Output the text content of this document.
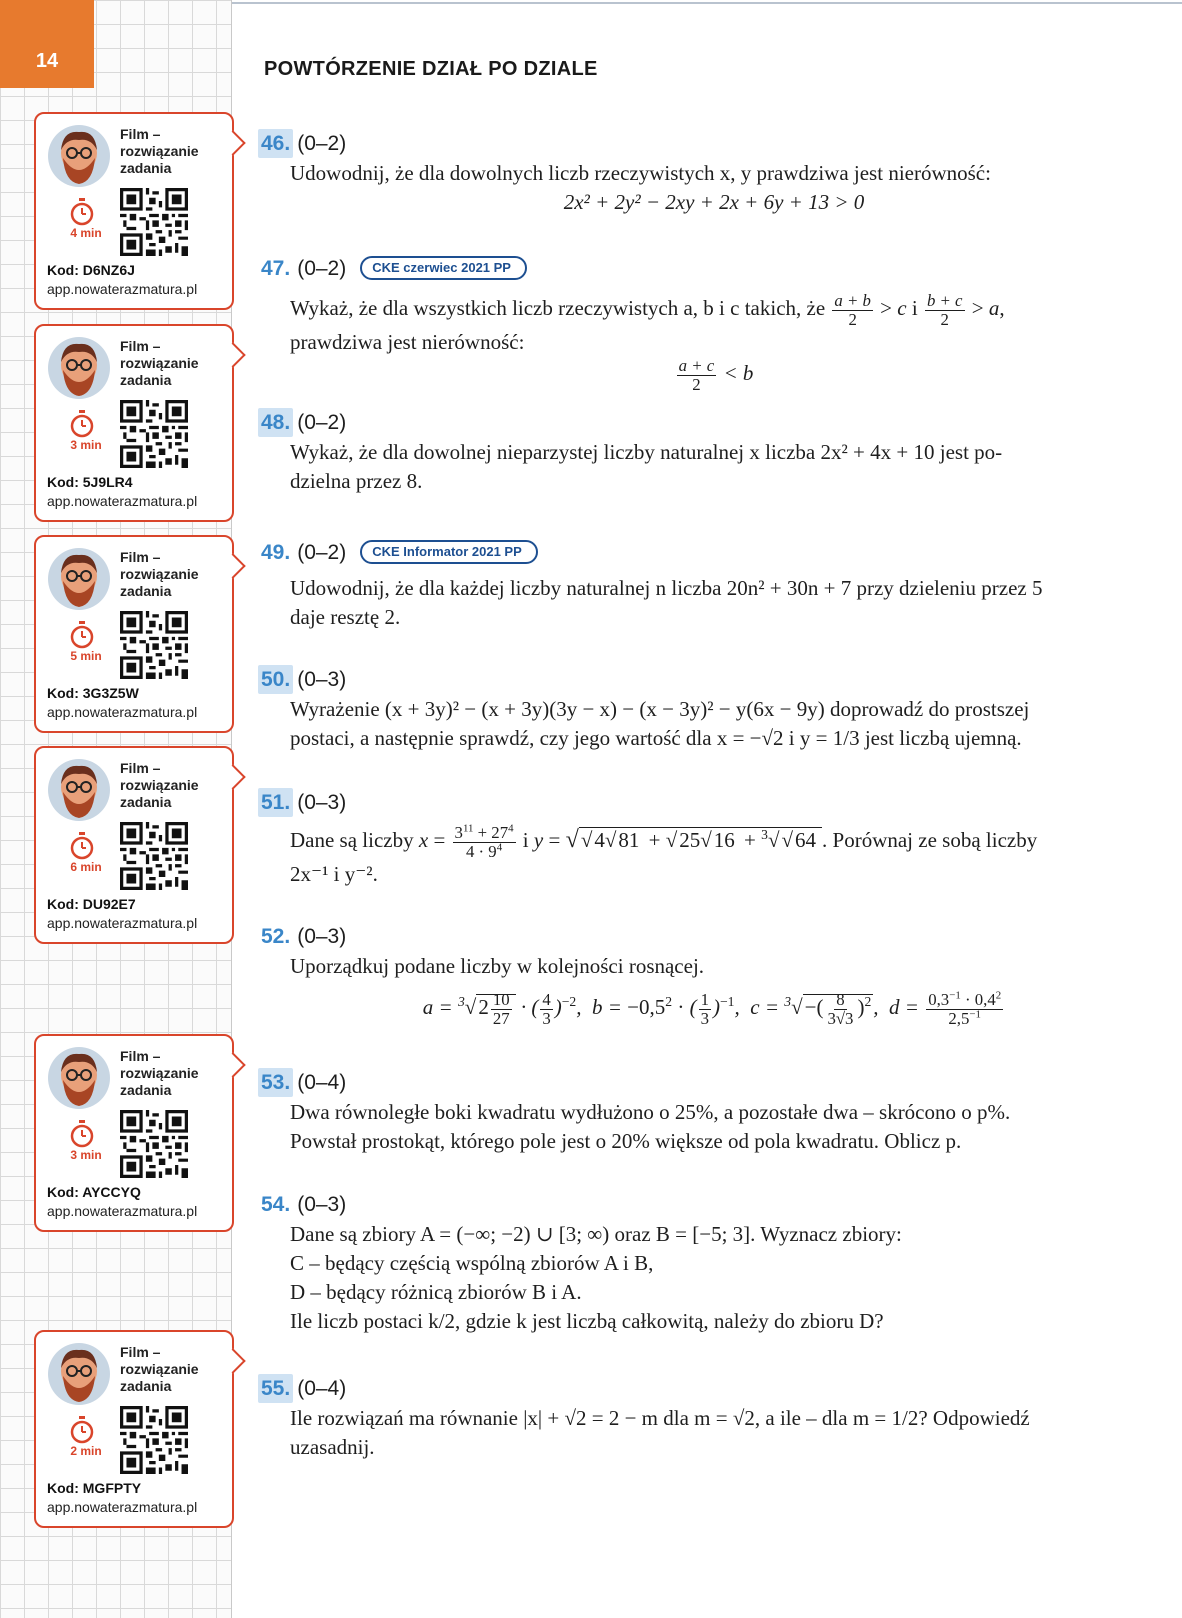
14	POWTÓRZENIE DZIAŁ PO DZIALE
Film –
rozwiązanie
zadania
4 min
Kod: D6NZ6J
app.nowaterazmatura.pl
Film –
rozwiązanie
zadania
3 min
Kod: 5J9LR4
app.nowaterazmatura.pl
Film –
rozwiązanie
zadania
5 min
Kod: 3G3Z5W
app.nowaterazmatura.pl
Film –
rozwiązanie
zadania
6 min
Kod: DU92E7
app.nowaterazmatura.pl
Film –
rozwiązanie
zadania
3 min
Kod: AYCCYQ
app.nowaterazmatura.pl
Film –
rozwiązanie
zadania
2 min
Kod: MGFPTY
app.nowaterazmatura.pl
46. (0–2)

Udowodnij, że dla dowolnych liczb rzeczywistych x, y prawdziwa jest nierówność:

2x² + 2y² − 2xy + 2x + 6y + 13 > 0

47. (0–2)	CKE czerwiec 2021 PP

Wykaż, że dla wszystkich liczb rzeczywistych a, b i c takich, że $\frac{a + b}{2} > c$ i $\frac{b + c}{2} > a$,

prawdziwa jest nierówność:

$\frac{a + c}{2} < b$

48. (0–2)

Wykaż, że dla dowolnej nieparzystej liczby naturalnej x liczba 2x² + 4x + 10 jest po-

dzielna przez 8.

49. (0–2)	CKE Informator 2021 PP

Udowodnij, że dla każdej liczby naturalnej n liczba 20n² + 30n + 7 przy dzieleniu przez 5

daje resztę 2.

50. (0–3)

Wyrażenie (x + 3y)² − (x + 3y)(3y − x) − (x − 3y)² − y(6x − 9y) doprowadź do prostszej

postaci, a następnie sprawdź, czy jego wartość dla x = −√2 i y = 1/3 jest liczbą ujemną.

51. (0–3)

Dane są liczby $x = \frac{3^{11} + 27^4}{4 \cdot 9^4}$ i y = √√4√81 + √25√16 + $^3$√√64 . Porównaj ze sobą liczby

2x⁻¹ i y⁻².

52. (0–3)

Uporządkuj podane liczby w kolejności rosnącej.

$a = ^3√2 \frac{10}{27}$ · ( $\frac{4}{3} )^{-2}$,  $b = -0,5^2$ · ( $\frac{1}{3} )^{-1}$,  $c = ^3√-( \frac{8}{3√3} )^2$,  $d = \frac{0,3^{-1} \cdot 0,4^2}{2,5^{-1}}$

53. (0–4)

Dwa równoległe boki kwadratu wydłużono o 25%, a pozostałe dwa – skrócono o p%.

Powstał prostokąt, którego pole jest o 20% większe od pola kwadratu. Oblicz p.

54. (0–3)

Dane są zbiory A = (−∞; −2) ∪ [3; ∞) oraz B = [−5; 3]. Wyznacz zbiory:

C – będący częścią wspólną zbiorów A i B,

D – będący różnicą zbiorów B i A.

Ile liczb postaci k/2, gdzie k jest liczbą całkowitą, należy do zbioru D?

55. (0–4)

Ile rozwiązań ma równanie |x| + √2 = 2 − m dla m = √2, a ile – dla m = 1/2? Odpowiedź

uzasadnij.
